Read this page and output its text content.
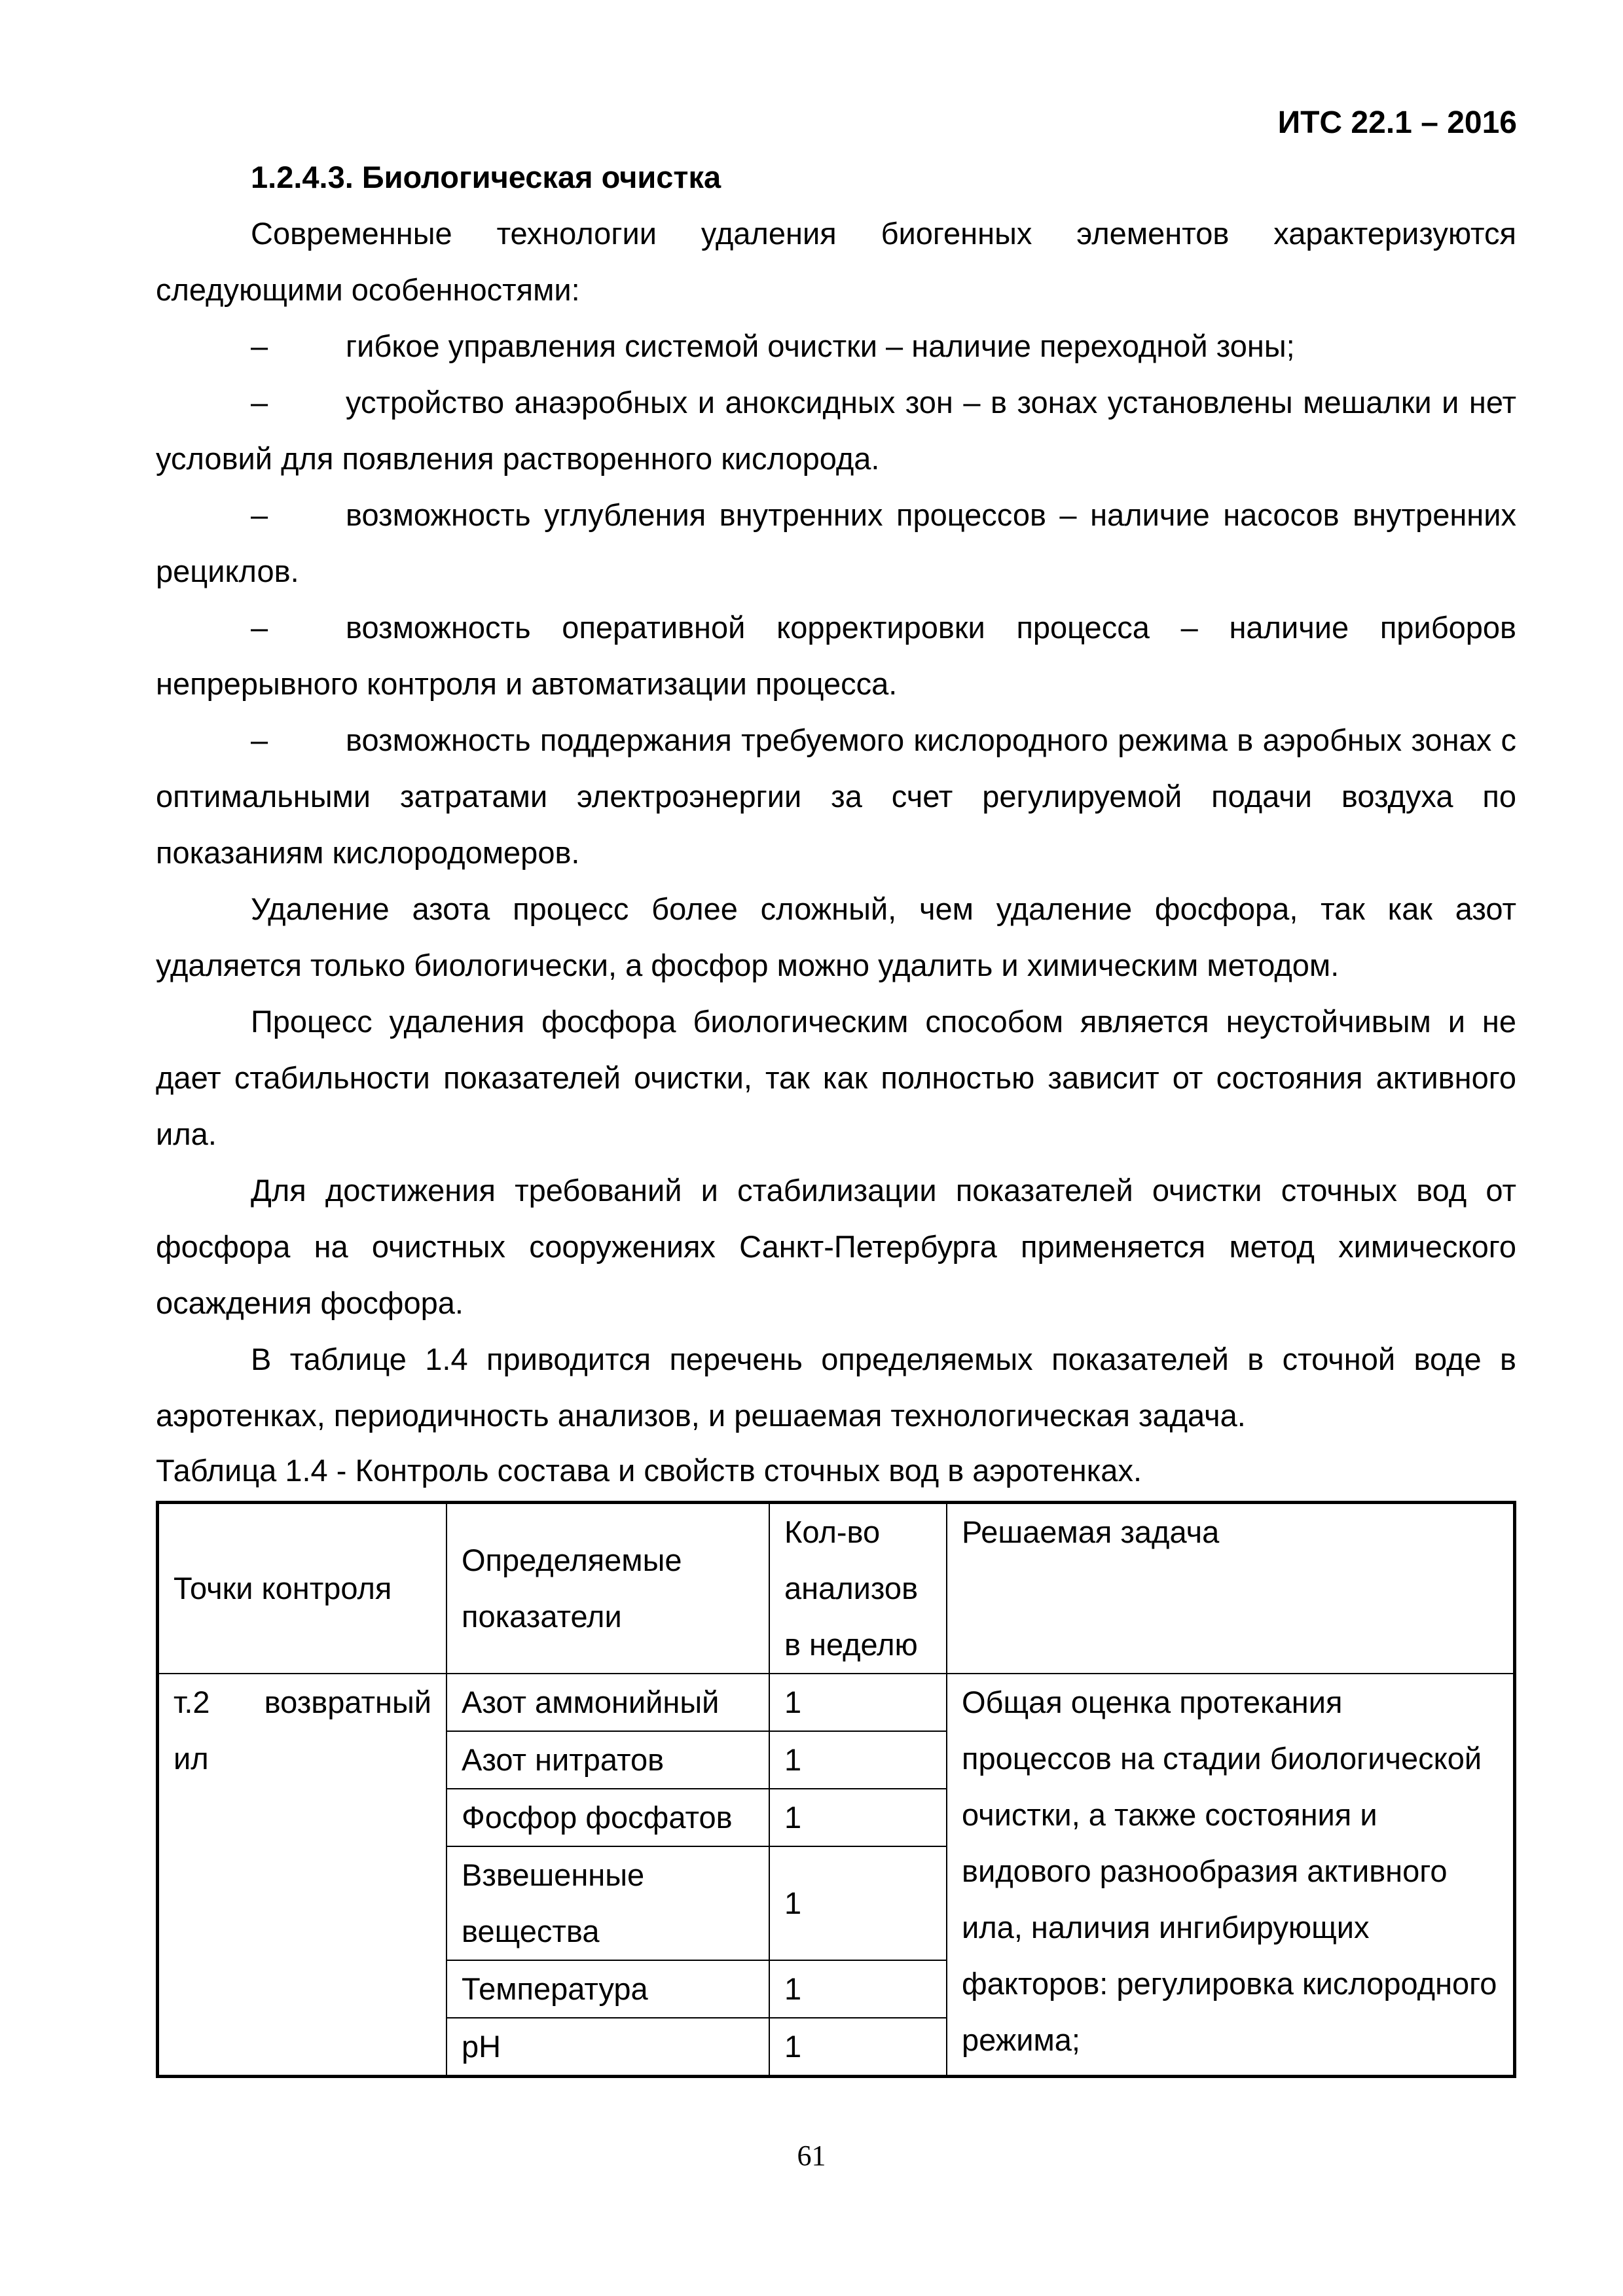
ИТС 22.1 – 2016

1.2.4.3. Биологическая очистка

Современные технологии удаления биогенных элементов характеризуются следующими особенностями:

–	гибкое управления системой очистки – наличие переходной зоны;

–	устройство анаэробных и аноксидных зон – в зонах установлены мешалки и нет условий для появления растворенного кислорода.

–	возможность углубления внутренних процессов – наличие насосов внутренних рециклов.

–	возможность оперативной корректировки процесса – наличие приборов непрерывного контроля и автоматизации процесса.

–	возможность поддержания требуемого кислородного режима в аэробных зонах с оптимальными затратами электроэнергии за счет регулируемой подачи воздуха по показаниям кислородомеров.

Удаление азота процесс более сложный, чем удаление фосфора, так как азот удаляется только биологически, а фосфор можно удалить и химическим методом.

Процесс удаления фосфора биологическим способом является неустойчивым и не дает стабильности показателей очистки, так как полностью зависит от состояния активного ила.

Для достижения требований и стабилизации показателей очистки сточных вод от фосфора на очистных сооружениях Санкт-Петербурга применяется метод химического осаждения фосфора.

В таблице 1.4 приводится перечень определяемых показателей в сточной воде в аэротенках, периодичность анализов, и решаемая технологическая задача.

Таблица 1.4 - Контроль состава и свойств сточных вод в аэротенках.

Точки контроля	Определяемые показатели	Кол-во анализов в неделю	Решаемая задача

т.2 возвратный
ил	Азот аммонийный	1	Общая оценка протекания процессов на стадии биологической очистки, а также состояния и видового разнообразия активного ила, наличия ингибирующих факторов: регулировка кислородного режима;
	Азот нитратов	1	
	Фосфор фосфатов	1	
	Взвешенные вещества	1	
	Температура	1	
	pH	1	
61
